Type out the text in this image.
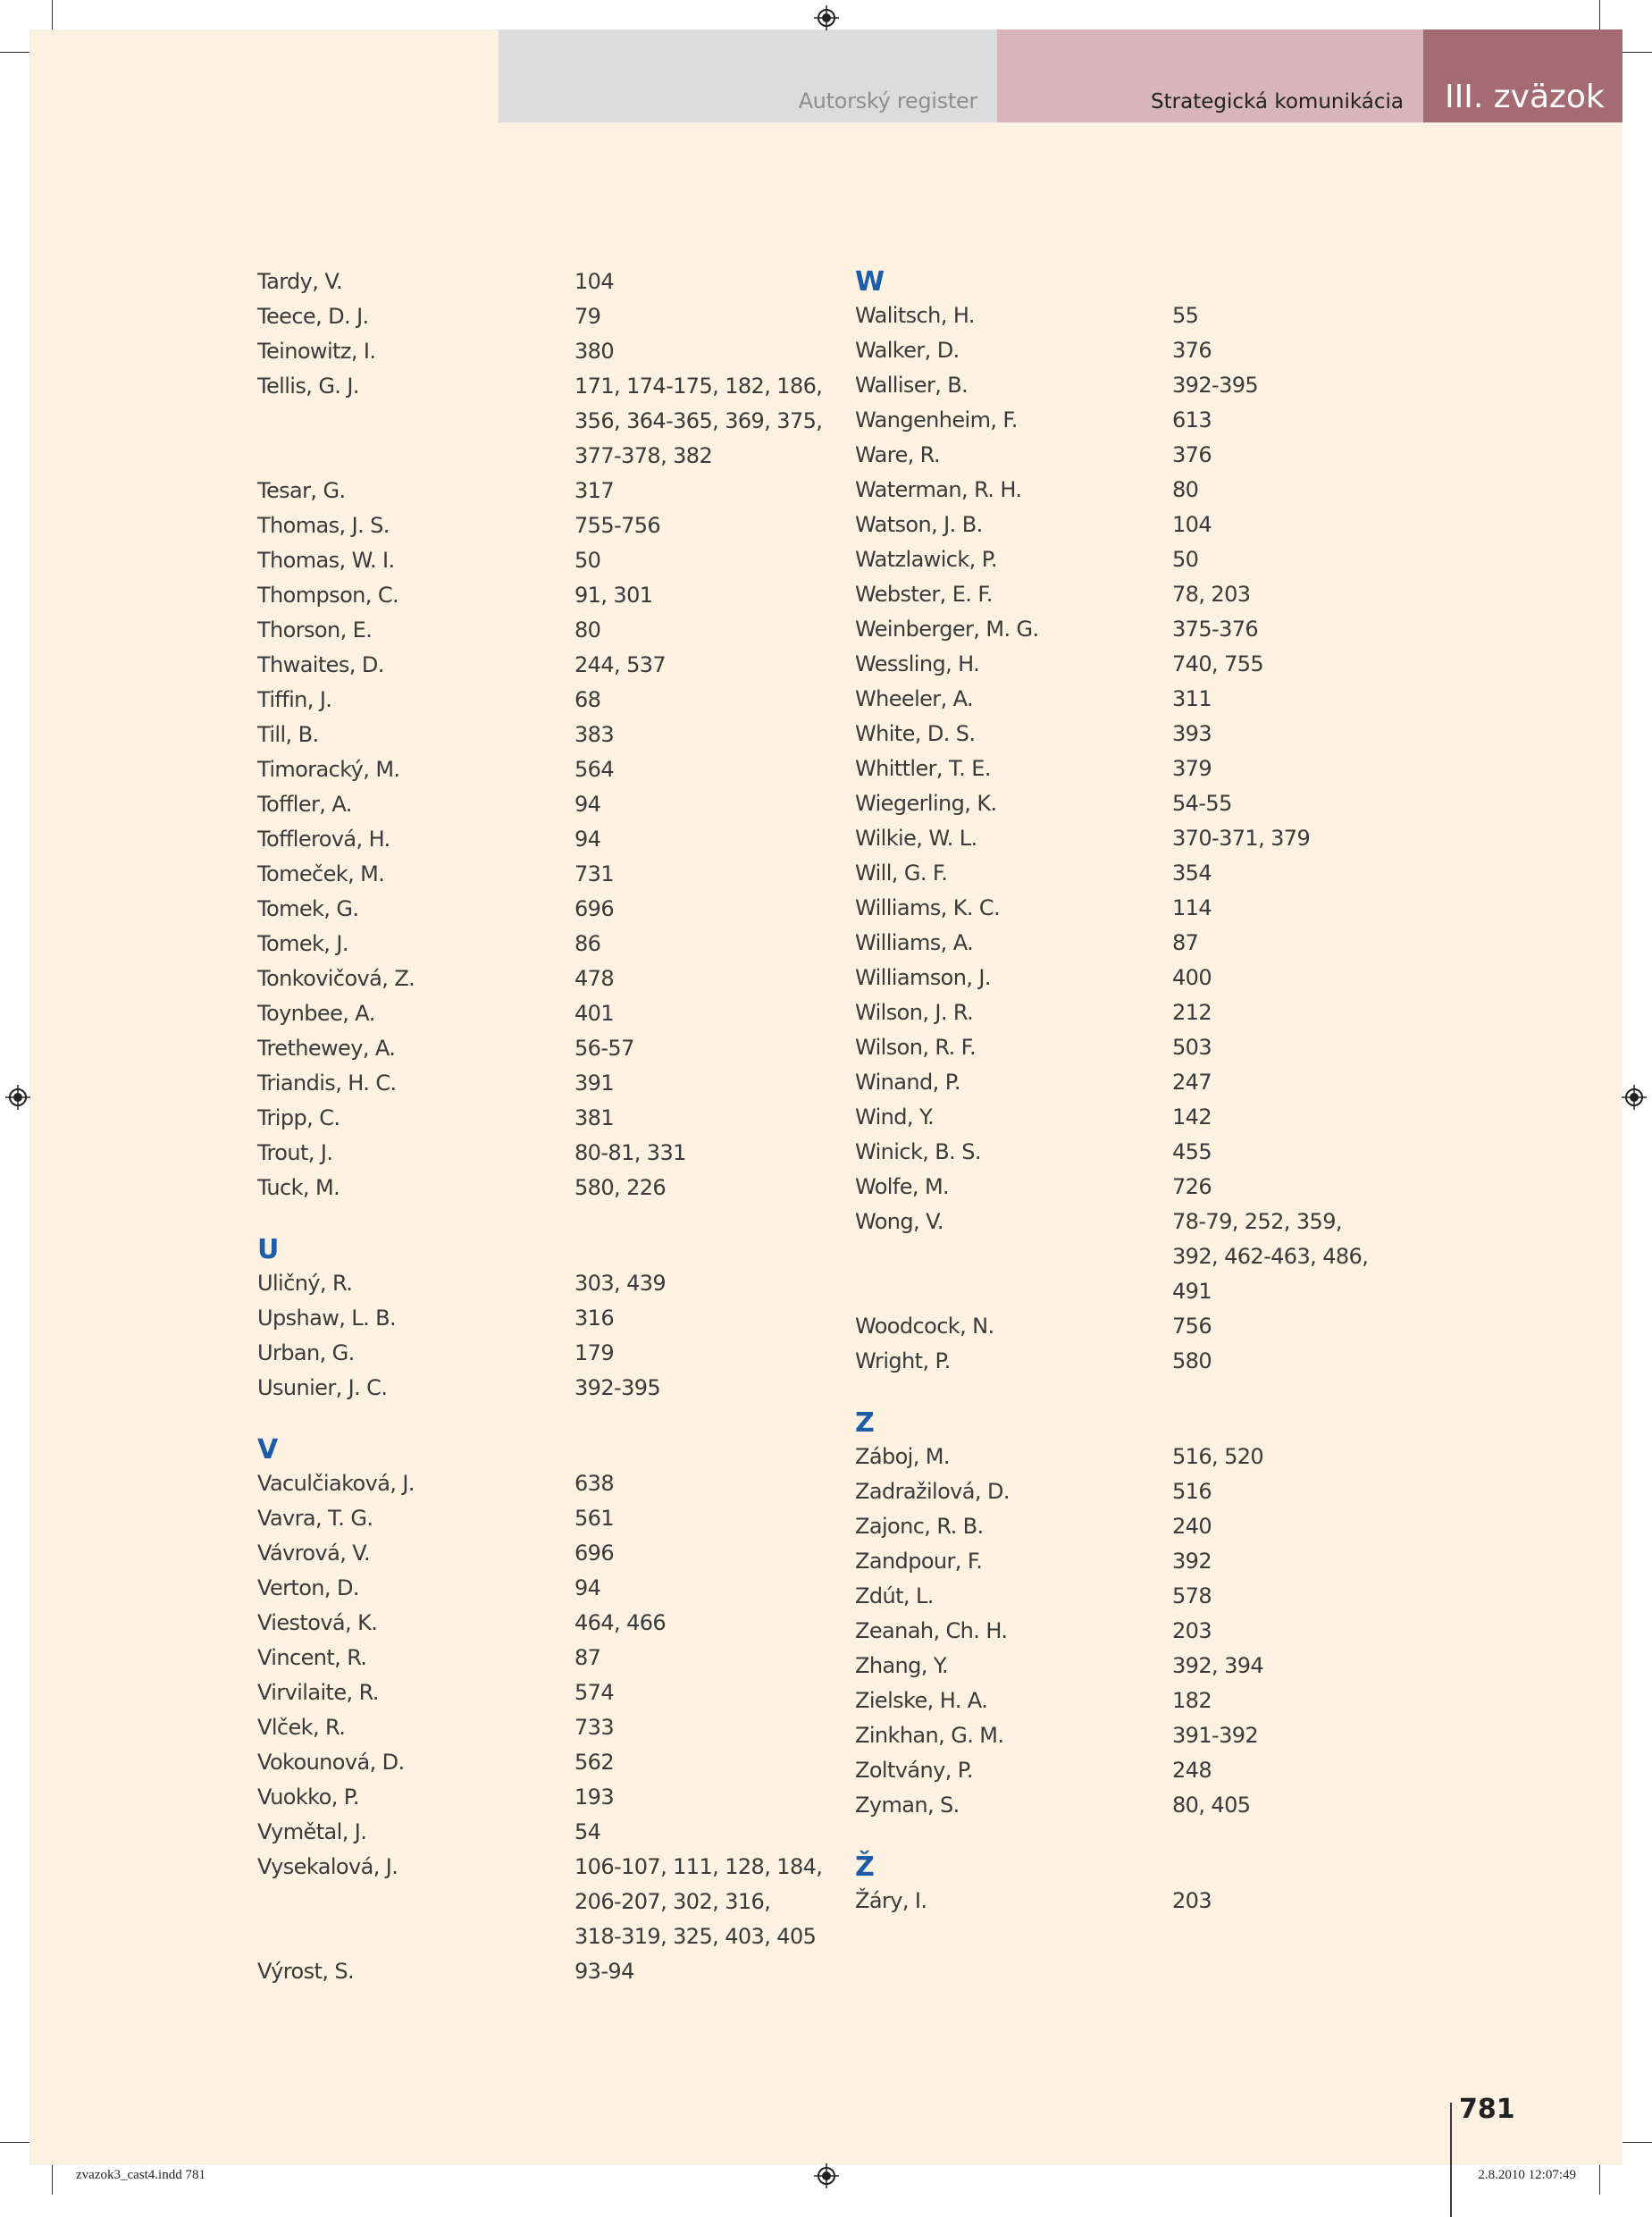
Autorský register	Strategická komunikácia III. zväzok
Tardy, V.	104
Teece, D. J.	79
Teinowitz, I.	380
Tellis, G. J.	171, 174-175, 182, 186,
356, 364-365, 369, 375,
377-378, 382
Tesar, G.	317
Thomas, J. S.	755-756
Thomas, W. I.	50
Thompson, C.	91, 301
Thorson, E.	80
Thwaites, D.	244, 537
Tiffin, J.	68
Till, B.	383
Timoracký, M.	564
Toffler, A.	94
Tofflerová, H.	94
Tomeček, M.	731
Tomek, G.	696
Tomek, J.	86
Tonkovičová, Z.	478
Toynbee, A.	401
Trethewey, A.	56-57
Triandis, H. C.	391
Tripp, C.	381
Trout, J.	80-81, 331
Tuck, M.	580, 226
U
Uličný, R.	303, 439
Upshaw, L. B.	316
Urban, G.	179
Usunier, J. C.	392-395
V
Vaculčiaková, J.	638
Vavra, T. G.	561
Vávrová, V.	696
Verton, D.	94
Viestová, K.	464, 466
Vincent, R.	87
Virvilaite, R.	574
Vlček, R.	733
Vokounová, D.	562
Vuokko, P.	193
Vymětal, J.	54
Vysekalová, J.	106-107, 111, 128, 184,
206-207, 302, 316,
318-319, 325, 403, 405
Výrost, S.	93-94
W
Walitsch, H.	55
Walker, D.	376
Walliser, B.	392-395
Wangenheim, F.	613
Ware, R.	376
Waterman, R. H.	80
Watson, J. B.	104
Watzlawick, P.	50
Webster, E. F.	78, 203
Weinberger, M. G.	375-376
Wessling, H.	740, 755
Wheeler, A.	311
White, D. S.	393
Whittler, T. E.	379
Wiegerling, K.	54-55
Wilkie, W. L.	370-371, 379
Will, G. F.	354
Williams, K. C.	114
Williams, A.	87
Williamson, J.	400
Wilson, J. R.	212
Wilson, R. F.	503
Winand, P.	247
Wind, Y.	142
Winick, B. S.	455
Wolfe, M.	726
Wong, V.	78-79, 252, 359,
392, 462-463, 486,
491
Woodcock, N.	756
Wright, P.	580
Z
Záboj, M.	516, 520
Zadražilová, D.	516
Zajonc, R. B.	240
Zandpour, F.	392
Zdút, L.	578
Zeanah, Ch. H.	203
Zhang, Y.	392, 394
Zielske, H. A.	182
Zinkhan, G. M.	391-392
Zoltvány, P.	248
Zyman, S.	80, 405
Ž
Žáry, I.	203
781
zvazok3_cast4.indd 781	2.8.2010 12:07:49
